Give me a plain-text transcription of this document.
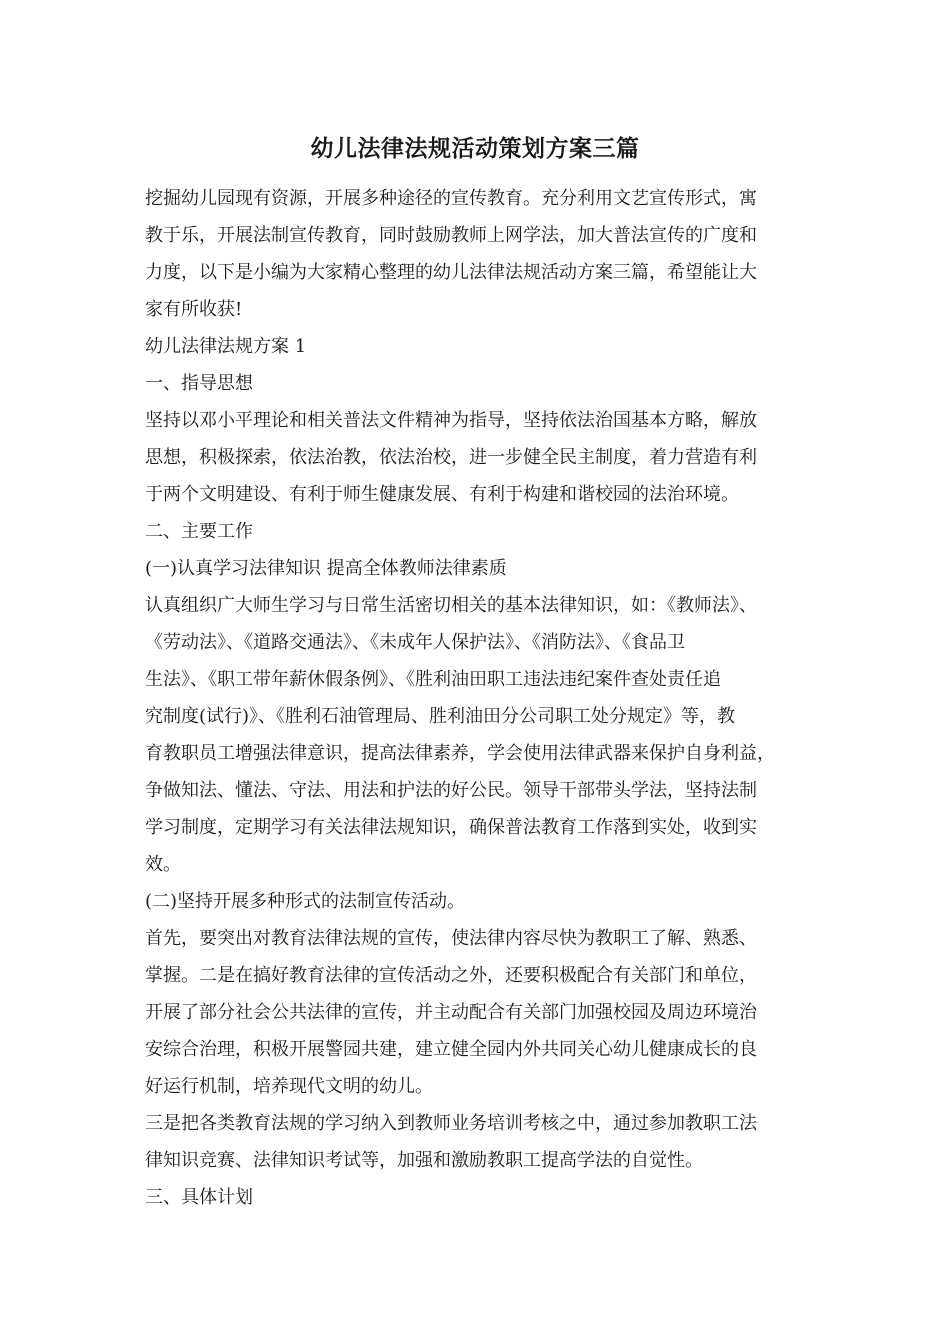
幼儿法律法规活动策划方案三篇
挖掘幼儿园现有资源，开展多种途径的宣传教育。充分利用文艺宣传形式，寓
教于乐，开展法制宣传教育，同时鼓励教师上网学法，加大普法宣传的广度和
力度，以下是小编为大家精心整理的幼儿法律法规活动方案三篇，希望能让大
家有所收获!
幼儿法律法规方案 1
一、指导思想
坚持以邓小平理论和相关普法文件精神为指导，坚持依法治国基本方略，解放
思想，积极探索，依法治教，依法治校，进一步健全民主制度，着力营造有利
于两个文明建设、有利于师生健康发展、有利于构建和谐校园的法治环境。
二、主要工作
(一)认真学习法律知识 提高全体教师法律素质
认真组织广大师生学习与日常生活密切相关的基本法律知识，如：《教师法》、
《劳动法》、《道路交通法》、《未成年人保护法》、《消防法》、《食品卫
生法》、《职工带年薪休假条例》、《胜利油田职工违法违纪案件查处责任追
究制度(试行)》、《胜利石油管理局、胜利油田分公司职工处分规定》等，教
育教职员工增强法律意识，提高法律素养，学会使用法律武器来保护自身利益，
争做知法、懂法、守法、用法和护法的好公民。领导干部带头学法，坚持法制
学习制度，定期学习有关法律法规知识，确保普法教育工作落到实处，收到实
效。
(二)坚持开展多种形式的法制宣传活动。
首先，要突出对教育法律法规的宣传，使法律内容尽快为教职工了解、熟悉、
掌握。二是在搞好教育法律的宣传活动之外，还要积极配合有关部门和单位，
开展了部分社会公共法律的宣传，并主动配合有关部门加强校园及周边环境治
安综合治理，积极开展警园共建，建立健全园内外共同关心幼儿健康成长的良
好运行机制，培养现代文明的幼儿。
三是把各类教育法规的学习纳入到教师业务培训考核之中，通过参加教职工法
律知识竞赛、法律知识考试等，加强和激励教职工提高学法的自觉性。
三、具体计划
